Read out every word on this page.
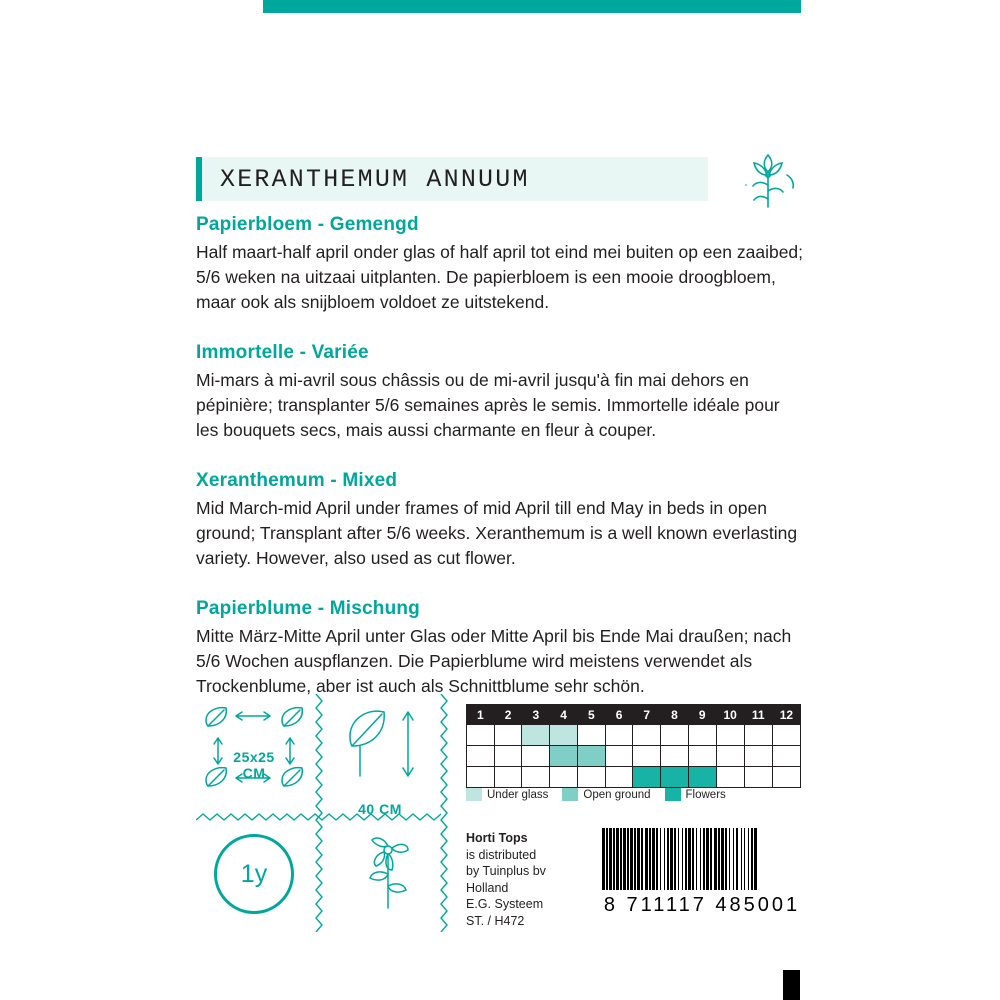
XERANTHEMUM ANNUUM

Papierbloem - Gemengd

Half maart-half april onder glas of half april tot eind mei buiten op een zaaibed; 5/6 weken na uitzaai uitplanten. De papierbloem is een mooie droogbloem, maar ook als snijbloem voldoet ze uitstekend.

Immortelle - Variée

Mi-mars à mi-avril sous châssis ou de mi-avril jusqu'à fin mai dehors en pépinière; transplanter 5/6 semaines après le semis. Immortelle idéale pour les bouquets secs, mais aussi charmante en fleur à couper.

Xeranthemum - Mixed

Mid March-mid April under frames of mid April till end May in beds in open ground; Transplant after 5/6 weeks. Xeranthemum is a well known everlasting variety. However, also used as cut flower.

Papierblume - Mischung

Mitte März-Mitte April unter Glas oder Mitte April bis Ende Mai draußen; nach 5/6 Wochen auspflanzen. Die Papierblume wird meistens verwendet als Trockenblume, aber ist auch als Schnittblume sehr schön.

25x25
CM
40 CM
1y
1	2	3	4	5	6	7	8	9	10	11	12

Under glass	Open ground	Flowers
Horti Tops
is distributed
by Tuinplus bv
Holland
E.G. Systeem
ST. / H472
8 711117 485001
